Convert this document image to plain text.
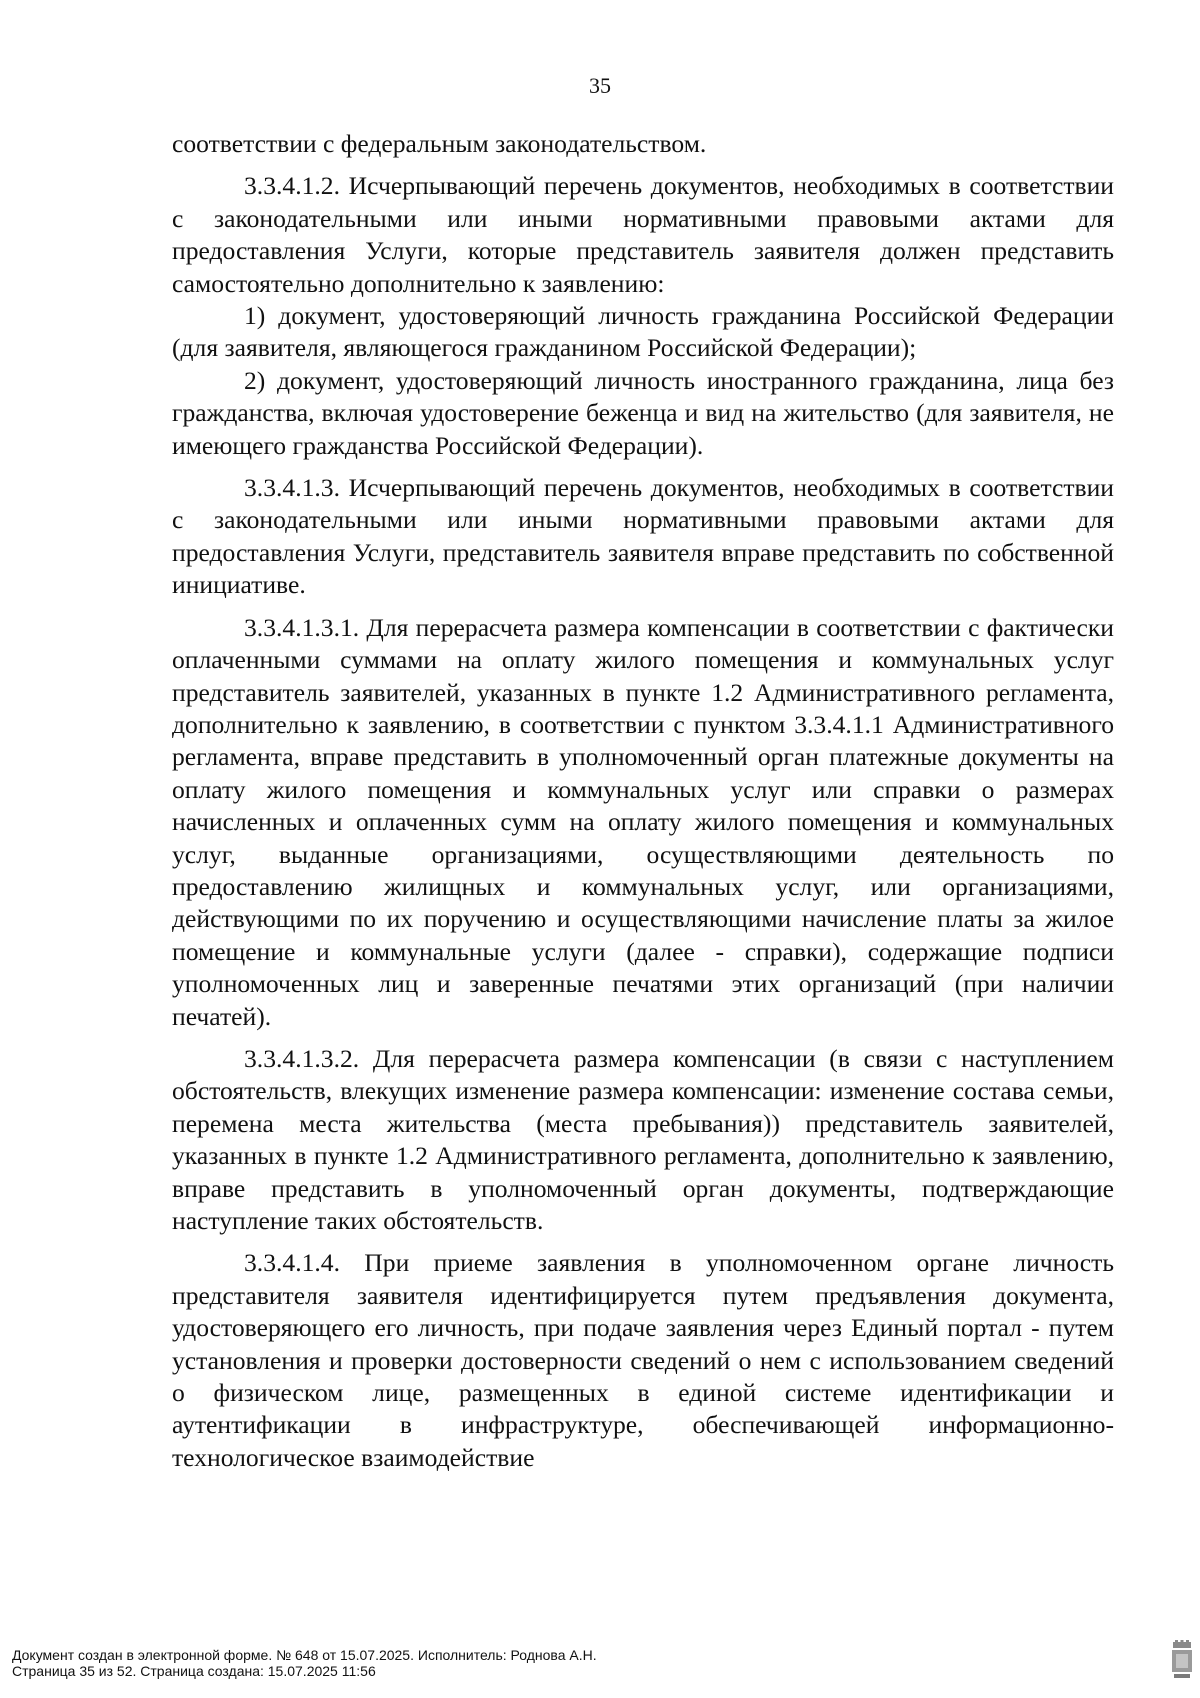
35

соответствии с федеральным законодательством.

3.3.4.1.2. Исчерпывающий перечень документов, необходимых в соответствии с законодательными или иными нормативными правовыми актами для предоставления Услуги, которые представитель заявителя должен представить самостоятельно дополнительно к заявлению:

1) документ, удостоверяющий личность гражданина Российской Федерации (для заявителя, являющегося гражданином Российской Федерации);

2) документ, удостоверяющий личность иностранного гражданина, лица без гражданства, включая удостоверение беженца и вид на жительство (для заявителя, не имеющего гражданства Российской Федерации).

3.3.4.1.3. Исчерпывающий перечень документов, необходимых в соответствии с законодательными или иными нормативными правовыми актами для предоставления Услуги, представитель заявителя вправе представить по собственной инициативе.

3.3.4.1.3.1. Для перерасчета размера компенсации в соответствии с фактически оплаченными суммами на оплату жилого помещения и коммунальных услуг представитель заявителей, указанных в пункте 1.2 Административного регламента, дополнительно к заявлению, в соответствии с пунктом 3.3.4.1.1 Административного регламента, вправе представить в уполномоченный орган платежные документы на оплату жилого помещения и коммунальных услуг или справки о размерах начисленных и оплаченных сумм на оплату жилого помещения и коммунальных услуг, выданные организациями, осуществляющими деятельность по предоставлению жилищных и коммунальных услуг, или организациями, действующими по их поручению и осуществляющими начисление платы за жилое помещение и коммунальные услуги (далее - справки), содержащие подписи уполномоченных лиц и заверенные печатями этих организаций (при наличии печатей).

3.3.4.1.3.2. Для перерасчета размера компенсации (в связи с наступлением обстоятельств, влекущих изменение размера компенсации: изменение состава семьи, перемена места жительства (места пребывания)) представитель заявителей, указанных в пункте 1.2 Административного регламента, дополнительно к заявлению, вправе представить в уполномоченный орган документы, подтверждающие наступление таких обстоятельств.

3.3.4.1.4. При приеме заявления в уполномоченном органе личность представителя заявителя идентифицируется путем предъявления документа, удостоверяющего его личность, при подаче заявления через Единый портал - путем установления и проверки достоверности сведений о нем с использованием сведений о физическом лице, размещенных в единой системе идентификации и аутентификации в инфраструктуре, обеспечивающей информационно-технологическое взаимодействие

Документ создан в электронной форме. № 648 от 15.07.2025. Исполнитель: Роднова А.Н.
Страница 35 из 52. Страница создана: 15.07.2025 11:56
